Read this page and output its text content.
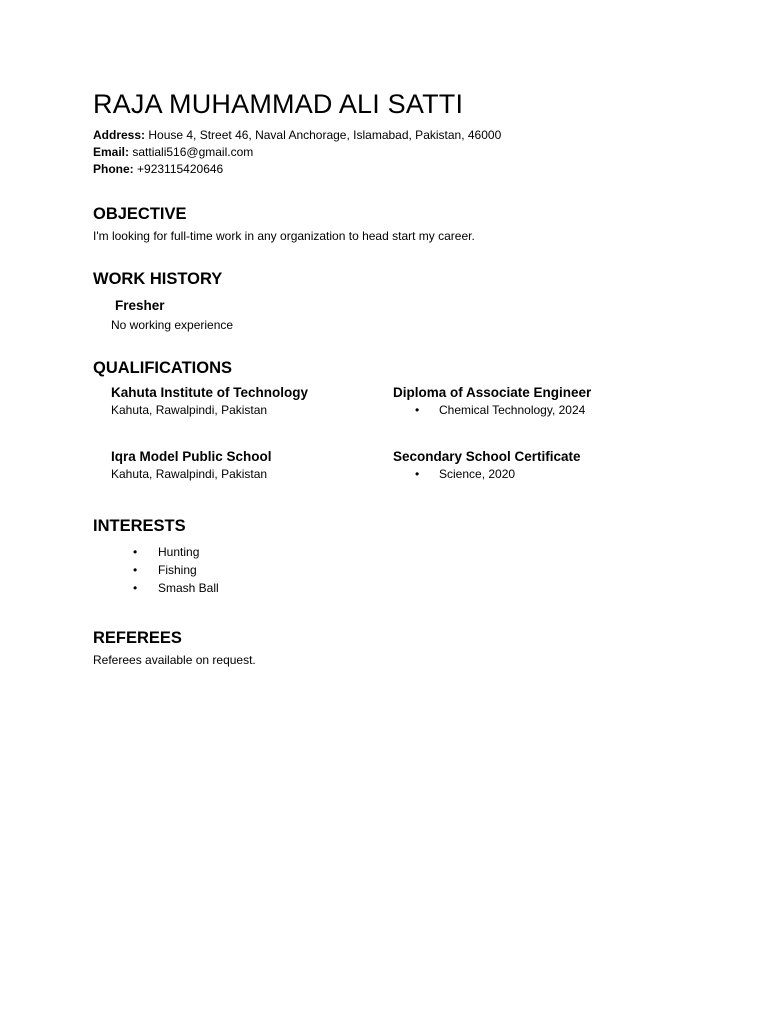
RAJA MUHAMMAD ALI SATTI
Address: House 4, Street 46, Naval Anchorage, Islamabad, Pakistan, 46000
Email: sattiali516@gmail.com
Phone: +923115420646
OBJECTIVE
I'm looking for full-time work in any organization to head start my career.
WORK HISTORY
Fresher
No working experience
QUALIFICATIONS
Kahuta Institute of Technology
Kahuta, Rawalpindi, Pakistan
Diploma of Associate Engineer
• Chemical Technology, 2024
Iqra Model Public School
Kahuta, Rawalpindi, Pakistan
Secondary School Certificate
• Science, 2020
INTERESTS
• Hunting
• Fishing
• Smash Ball
REFEREES
Referees available on request.
